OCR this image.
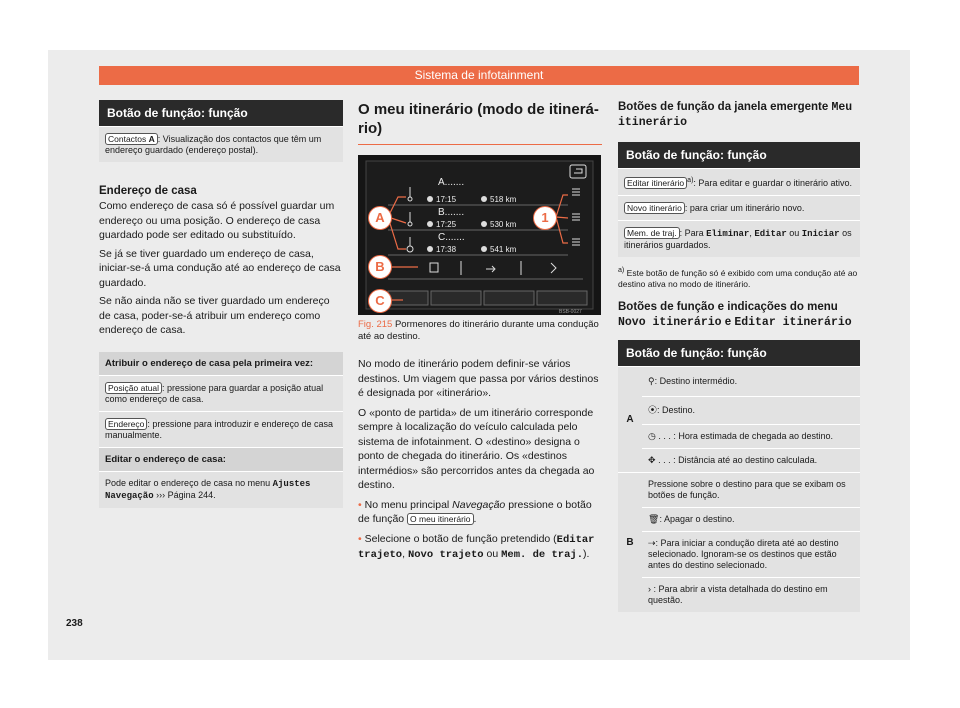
Sistema de infotainment
Botão de função: função
Contactos A : Visualização dos contactos que têm um endereço guardado (endereço postal).
Endereço de casa

Como endereço de casa só é possível guardar um endereço ou uma posição. O endereço de casa guardado pode ser editado ou substituído.

Se já se tiver guardado um endereço de casa, iniciar-se-á uma condução até ao endereço de casa guardado.

Se não ainda não se tiver guardado um endereço de casa, poder-se-á atribuir um endereço como endereço de casa.

Atribuir o endereço de casa pela primeira vez:
Posição atual : pressione para guardar a posição atual como endereço de casa.
Endereço : pressione para introduzir e endereço de casa manualmente.
Editar o endereço de casa:
Pode editar o endereço de casa no menu Ajustes Navegação ››› Página 244.
O meu itinerário (modo de itinerário)
BSB-0027
A.......
17:15	518 km
B.......
17:25	530 km
C.......
17:38	541 km
A	1
B
C
Fig. 215 Pormenores do itinerário durante uma condução até ao destino.

No modo de itinerário podem definir-se vários destinos. Um viagem que passa por vários destinos é designada por «itinerário».

O «ponto de partida» de um itinerário corresponde sempre à localização do veículo calculada pelo sistema de infotainment. O «destino» designa o ponto de chegada do itinerário. Os «destinos intermédios» são percorridos antes da chegada ao destino.

• No menu principal Navegação pressione o botão de função O meu itinerário .

• Selecione o botão de função pretendido (Editar trajeto, Novo trajeto ou Mem. de traj.).

Botões de função da janela emergente Meu itinerário
Botão de função: função
Editar itinerário $^{a)}$: Para editar e guardar o itinerário ativo.
Novo itinerário : para criar um itinerário novo.
Mem. de traj. : Para Eliminar, Editar ou Iniciar os itinerários guardados.
$^{a)}$ Este botão de função só é exibido com uma condução até ao destino ativa no modo de itinerário.
Botões de função e indicações do menu Novo itinerário e Editar itinerário
Botão de função: função
A
⚲: Destino intermédio.
⦿: Destino.
◷ . . . : Hora estimada de chegada ao destino.
✥ . . . : Distância até ao destino calculada.
B
Pressione sobre o destino para que se exibam os botões de função.
🗑: Apagar o destino.
⇢: Para iniciar a condução direta até ao destino selecionado. Ignoram-se os destinos que estão antes do destino selecionado.
› : Para abrir a vista detalhada do destino em questão.
238
